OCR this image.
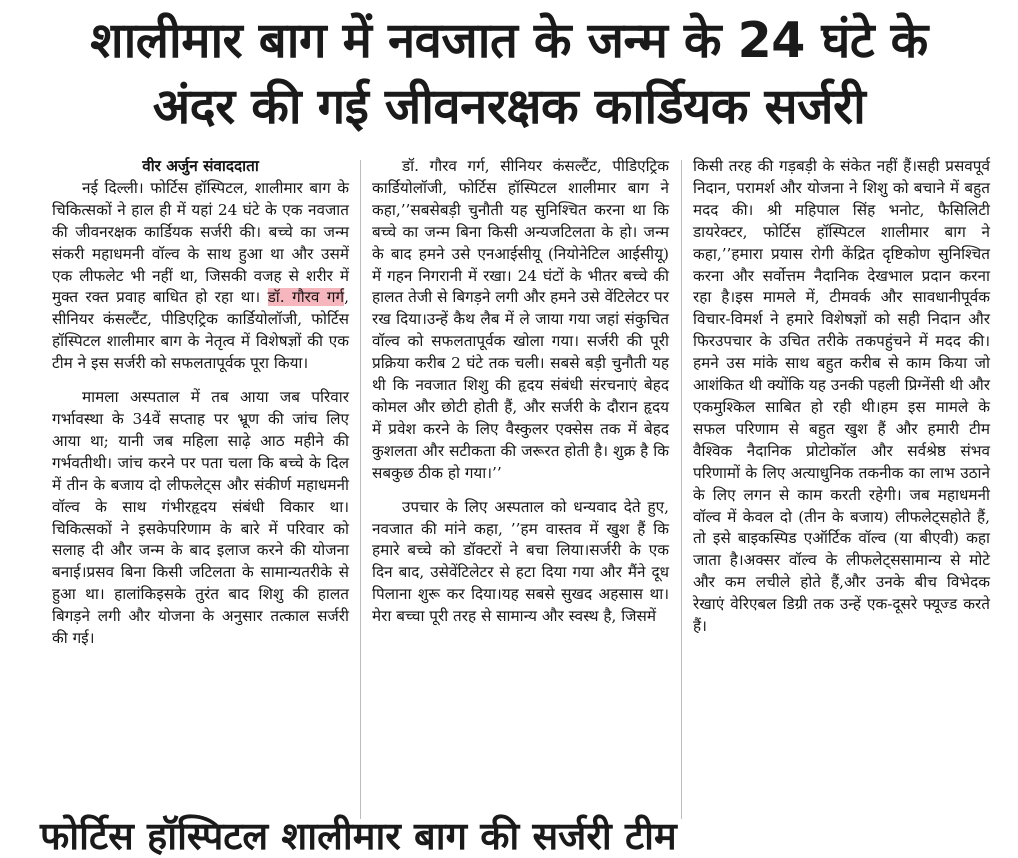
शालीमार बाग में नवजात के जन्म के 24 घंटे के
अंदर की गई जीवनरक्षक कार्डियक सर्जरी

वीर अर्जुन संवाददाता

नई दिल्ली। फोर्टिस हॉस्पिटल, शालीमार बाग के चिकित्सकों ने हाल ही में यहां 24 घंटे के एक नवजात की जीवनरक्षक कार्डियक सर्जरी की। बच्चे का जन्म संकरी महाधमनी वॉल्व के साथ हुआ था और उसमें एक लीफलेट भी नहीं था, जिसकी वजह से शरीर में मुक्त रक्त प्रवाह बाधित हो रहा था। डॉ. गौरव गर्ग, सीनियर कंसल्टैंट, पीडिएट्रिक कार्डियोलॉजी, फोर्टिस हॉस्पिटल शालीमार बाग के नेतृत्व में विशेषज्ञों की एक टीम ने इस सर्जरी को सफलतापूर्वक पूरा किया।

मामला अस्पताल में तब आया जब परिवार गर्भावस्था के 34वें सप्ताह पर भ्रूण की जांच लिए आया था; यानी जब महिला साढ़े आठ महीने की गर्भवतीथी। जांच करने पर पता चला कि बच्चे के दिल में तीन के बजाय दो लीफलेट्स और संकीर्ण महाधमनी वॉल्व के साथ गंभीरहृदय संबंधी विकार था। चिकित्सकों ने इसकेपरिणाम के बारे में परिवार को सलाह दी और जन्म के बाद इलाज करने की योजना बनाई।प्रसव बिना किसी जटिलता के सामान्यतरीके से हुआ था। हालांकिइसके तुरंत बाद शिशु की हालत बिगड़ने लगी और योजना के अनुसार तत्काल सर्जरी की गई।

डॉ. गौरव गर्ग, सीनियर कंसल्टैंट, पीडिएट्रिक कार्डियोलॉजी, फोर्टिस हॉस्पिटल शालीमार बाग ने कहा,’’सबसेबड़ी चुनौती यह सुनिश्चित करना था कि बच्चे का जन्म बिना किसी अन्यजटिलता के हो। जन्म के बाद हमने उसे एनआईसीयू (नियोनेटिल आईसीयू) में गहन निगरानी में रखा। 24 घंटों के भीतर बच्चे की हालत तेजी से बिगड़ने लगी और हमने उसे वेंटिलेटर पर रख दिया।उन्हें कैथ लैब में ले जाया गया जहां संकुचित वॉल्व को सफलतापूर्वक खोला गया। सर्जरी की पूरी प्रक्रिया करीब 2 घंटे तक चली। सबसे बड़ी चुनौती यह थी कि नवजात शिशु की हृदय संबंधी संरचनाएं बेहद कोमल और छोटी होती हैं, और सर्जरी के दौरान हृदय में प्रवेश करने के लिए वैस्कुलर एक्सेस तक में बेहद कुशलता और सटीकता की जरूरत होती है। शुक्र है कि सबकुछ ठीक हो गया।’’

उपचार के लिए अस्पताल को धन्यवाद देते हुए, नवजात की मांने कहा, ’’हम वास्तव में खुश हैं कि हमारे बच्चे को डॉक्टरों ने बचा लिया।सर्जरी के एक दिन बाद, उसेवेंटिलेटर से हटा दिया गया और मैंने दूध पिलाना शुरू कर दिया।यह सबसे सुखद अहसास था। मेरा बच्चा पूरी तरह से सामान्य और स्वस्थ है, जिसमें

किसी तरह की गड़बड़ी के संकेत नहीं हैं।सही प्रसवपूर्व निदान, परामर्श और योजना ने शिशु को बचाने में बहुत मदद की। श्री महिपाल सिंह भनोट, फैसिलिटी डायरेक्टर, फोर्टिस हॉस्पिटल शालीमार बाग ने कहा,’’हमारा प्रयास रोगी केंद्रित दृष्टिकोण सुनिश्चित करना और सर्वोत्तम नैदानिक देखभाल प्रदान करना रहा है।इस मामले में, टीमवर्क और सावधानीपूर्वक विचार-विमर्श ने हमारे विशेषज्ञों को सही निदान और फिरउपचार के उचित तरीके तकपहुंचने में मदद की। हमने उस मांके साथ बहुत करीब से काम किया जो आशंकित थी क्योंकि यह उनकी पहली प्रिग्नेंसी थी और एकमुश्किल साबित हो रही थी।हम इस मामले के सफल परिणाम से बहुत खुश हैं और हमारी टीम वैश्विक नैदानिक प्रोटोकॉल और सर्वश्रेष्ठ संभव परिणामों के लिए अत्याधुनिक तकनीक का लाभ उठाने के लिए लगन से काम करती रहेगी। जब महाधमनी वॉल्व में केवल दो (तीन के बजाय) लीफलेट्सहोते हैं, तो इसे बाइकस्पिड एऑर्टिक वॉल्व (या बीएवी) कहा जाता है।अक्सर वॉल्व के लीफलेट्ससामान्य से मोटे और कम लचीले होते हैं,और उनके बीच विभेदक रेखाएं वेरिएबल डिग्री तक उन्हें एक-दूसरे फ्यूज्ड करते हैं।

फोर्टिस हॉस्पिटल शालीमार बाग की सर्जरी टीम
